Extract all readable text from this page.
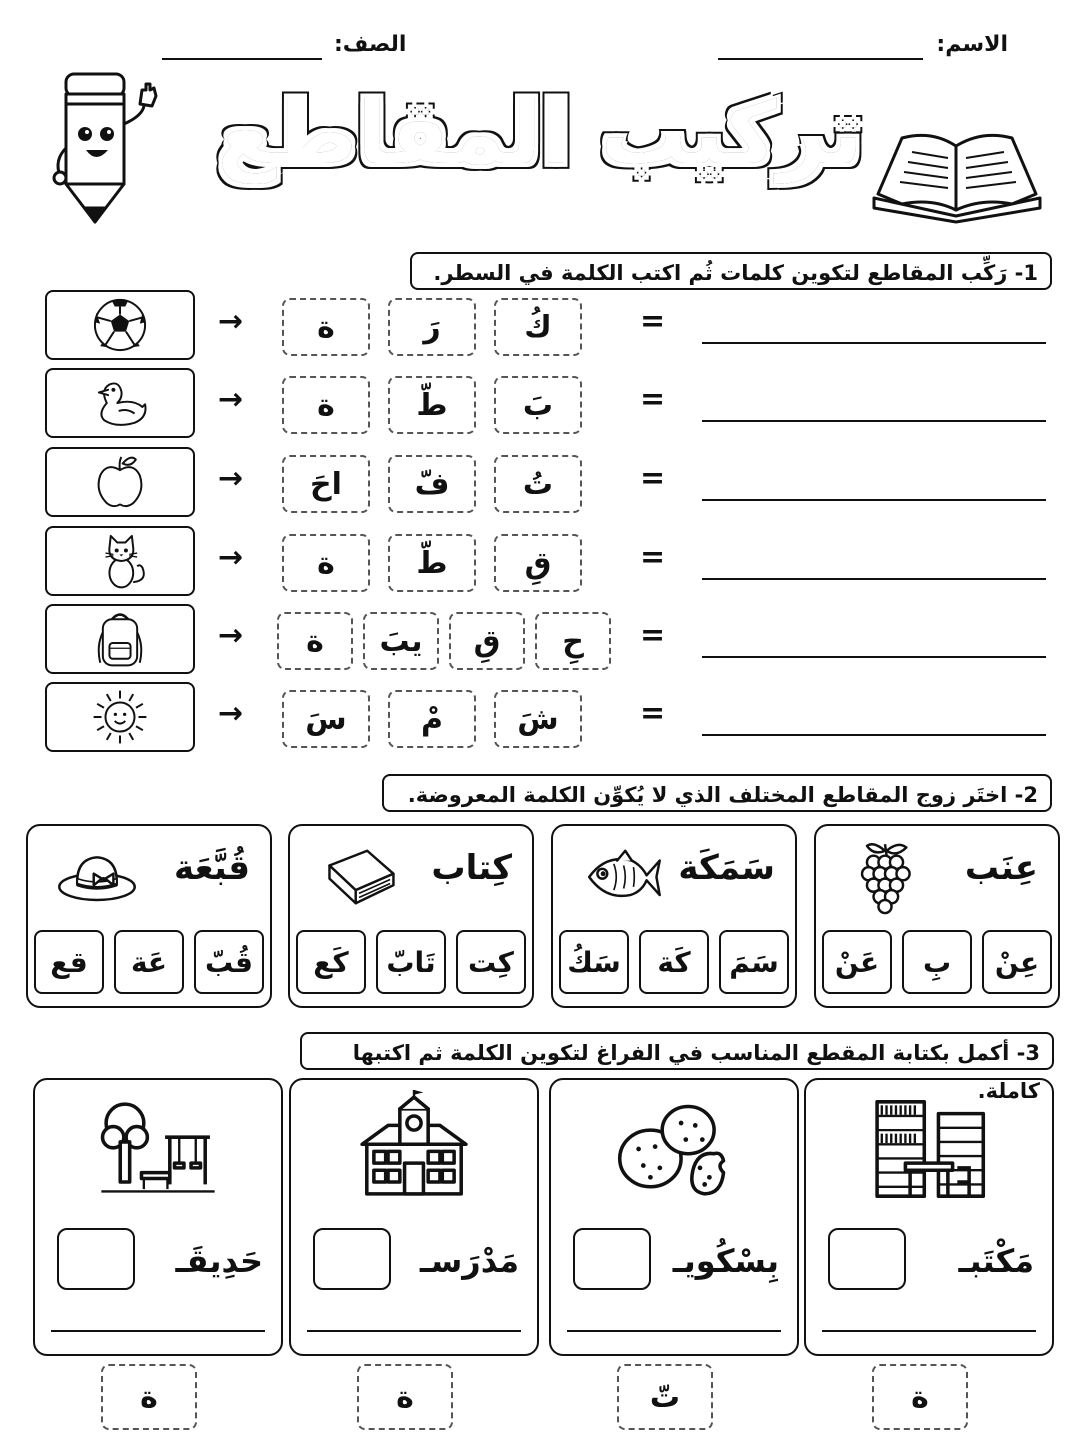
الاسم:
الصف:
تركيب المقاطع
1- رَكِّب المقاطع لتكوين كلمات ثُم اكتب الكلمة في السطر.
→	كُ
رَ
ة	=
→	بَ
طّ
ة	=
→	تُ
فّ
احَ	=
→	قِ
طّ
ة	=
→	حِ
قِ
يبَ
ة	=
→	شَ
مْ
سَ	=
2- اختَر زوج المقاطع المختلف الذي لا يُكوِّن الكلمة المعروضة.
عِنَب
عِنْ
بِ
عَنْ
سَمَكَة
سَمَ
كَة
سَكُ
كِتاب
كِت
تَابّ
كَع
قُبَّعَة
قُبّ
عَة
قع
3- أكمل بكتابة المقطع المناسب في الفراغ لتكوين الكلمة ثم اكتبها كاملة.
مَكْتَبـ
ة
بِسْكُويـ
تّ
مَدْرَسـ
ة
حَدِيقَـ
ة
